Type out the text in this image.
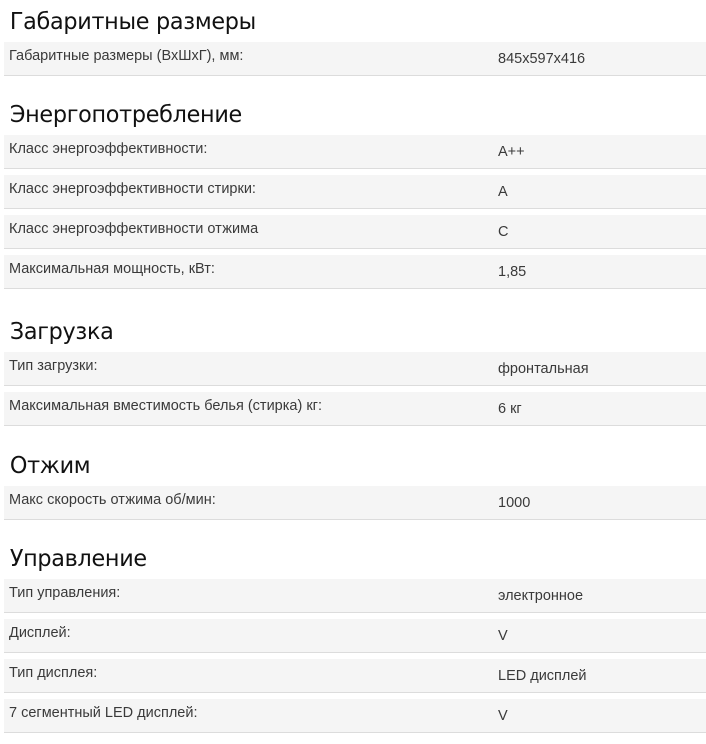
Габаритные размеры
Габаритные размеры (ВхШхГ), мм:	845x597x416
Энергопотребление
Класс энергоэффективности:	A++
Класс энергоэффективности стирки:	A
Класс энергоэффективности отжима	C
Максимальная мощность, кВт:	1,85
Загрузка
Тип загрузки:	фронтальная
Максимальная вместимость белья (стирка) кг:	6 кг
Отжим
Макс скорость отжима об/мин:	1000
Управление
Тип управления:	электронное
Дисплей:	V
Тип дисплея:	LED дисплей
7 сегментный LED дисплей:	V
